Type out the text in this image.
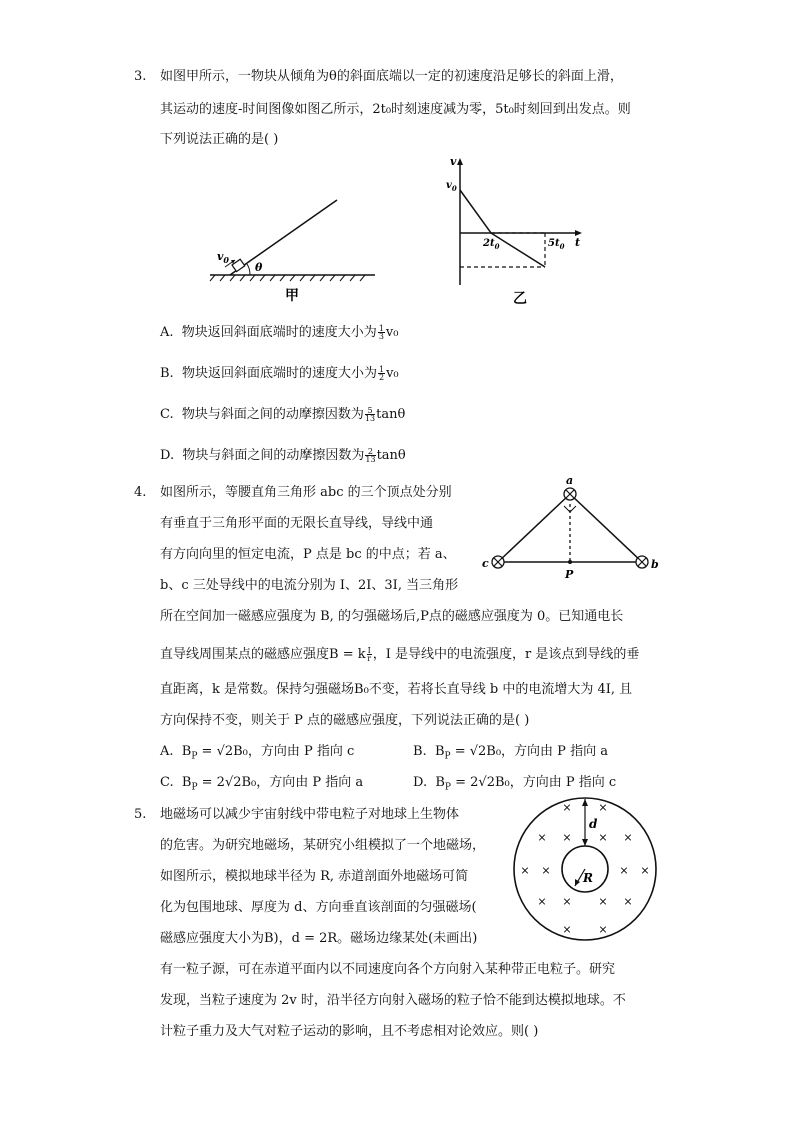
3. 如图甲所示，一物块从倾角为θ的斜面底端以一定的初速度沿足够长的斜面上滑，
其运动的速度-时间图像如图乙所示，2t₀时刻速度减为零，5t₀时刻回到出发点。则
下列说法正确的是( )
$v_0$
θ
甲
v
$v_0$
$2t_0$	$5t_0$ t
乙
A. 物块返回斜面底端时的速度大小为 $\frac{1}{3} v_0$
B. 物块返回斜面底端时的速度大小为 $\frac{1}{2} v_0$
C. 物块与斜面之间的动摩擦因数为 $\frac{5}{13}$ tanθ
D. 物块与斜面之间的动摩擦因数为 $\frac{2}{13}$ tanθ
4. 如图所示，等腰直角三角形 abc 的三个顶点处分别
有垂直于三角形平面的无限长直导线，导线中通
有方向向里的恒定电流，P 点是 bc 的中点；若 a、
b、c 三处导线中的电流分别为 I、2I、3I, 当三角形
所在空间加一磁感应强度为 B, 的匀强磁场后,P点的磁感应强度为 0。已知通电长
直导线周围某点的磁感应强度B = k $\frac{I}{r}$ ，I 是导线中的电流强度，r 是该点到导线的垂
直距离，k 是常数。保持匀强磁场B₀不变，若将长直导线 b 中的电流增大为 4I, 且
方向保持不变，则关于 P 点的磁感应强度，下列说法正确的是( )
a
c	b
P
A. $B_P = √2B_0$，方向由 P 指向 c	B. $B_P = √2B_0$，方向由 P 指向 a
C. $B_P = 2√2B_0$，方向由 P 指向 a	D. $B_P = 2√2B_0$，方向由 P 指向 c
5. 地磁场可以减少宇宙射线中带电粒子对地球上生物体
的危害。为研究地磁场，某研究小组模拟了一个地磁场，
如图所示，模拟地球半径为 R, 赤道剖面外地磁场可简
化为包围地球、厚度为 d、方向垂直该剖面的匀强磁场(
磁感应强度大小为B)，d = 2R。磁场边缘某处(未画出)
有一粒子源，可在赤道平面内以不同速度向各个方向射入某种带正电粒子。研究
发现，当粒子速度为 2v 时，沿半径方向射入磁场的粒子恰不能到达模拟地球。不
计粒子重力及大气对粒子运动的影响，且不考虑相对论效应。则( )
d
R
× ×
× × × ×
× ×	× ×
× × × ×
× ×
